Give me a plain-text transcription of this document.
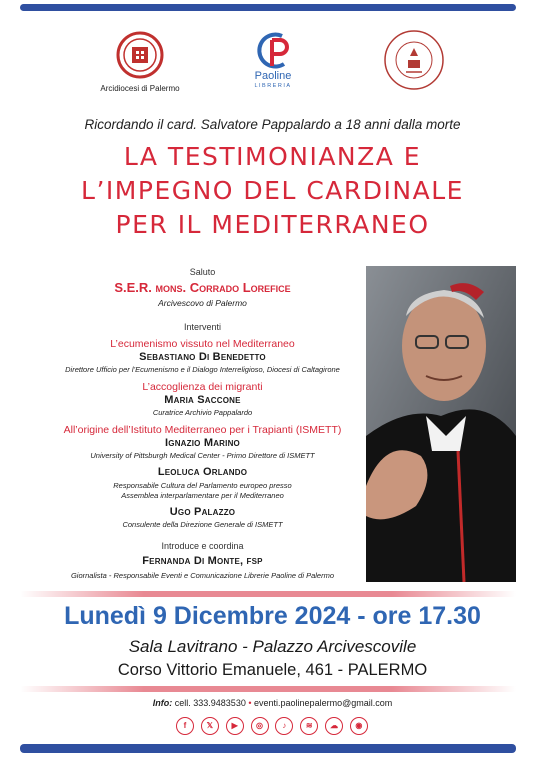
Arcidiocesi di Palermo
Paoline
LIBRERIA
Ricordando il card. Salvatore Pappalardo a 18 anni dalla morte
LA TESTIMONIANZA E
L’IMPEGNO DEL CARDINALE
PER IL MEDITERRANEO
Saluto
S.E.R. mons. Corrado Lorefice
Arcivescovo di Palermo
Interventi
L’ecumenismo vissuto nel Mediterraneo
Sebastiano Di Benedetto
Direttore Ufficio per l’Ecumenismo e il Dialogo Interreligioso, Diocesi di Caltagirone
L’accoglienza dei migranti
Maria Saccone
Curatrice Archivio Pappalardo
All’origine dell’Istituto Mediterraneo per i Trapianti (ISMETT)
Ignazio Marino
University of Pittsburgh Medical Center - Primo Direttore di ISMETT
Leoluca Orlando
Responsabile Cultura del Parlamento europeo presso
Assemblea interparlamentare per il Mediterraneo
Ugo Palazzo
Consulente della Direzione Generale di ISMETT
Introduce e coordina
Fernanda Di Monte, fsp
Giornalista - Responsabile Eventi e Comunicazione Librerie Paoline di Palermo
Lunedì 9 Dicembre 2024 - ore 17.30
Sala Lavitrano - Palazzo Arcivescovile
Corso Vittorio Emanuele, 461 - PALERMO
Info: cell. 333.9483530 • eventi.paolinepalermo@gmail.com
f	𝕏	▶	◎	♪	≋	☁	◉
